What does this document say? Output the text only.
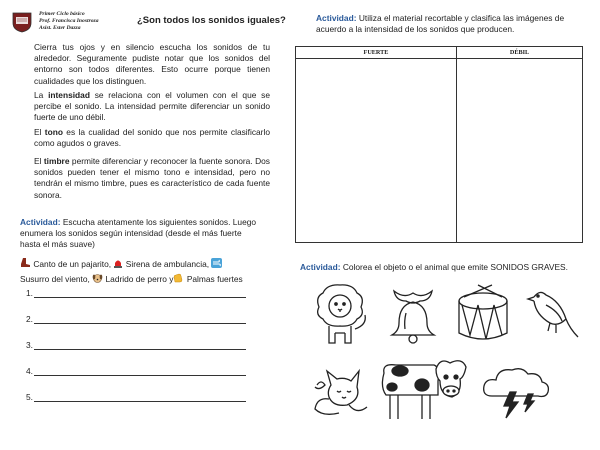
Primer Ciclo básico
Prof. Francisca Inostroza
Asist. Ester Dazza
¿Son todos los sonidos iguales?
Cierra tus ojos y en silencio escucha los sonidos de tu alrededor. Seguramente pudiste notar que los sonidos del entorno son todos diferentes. Esto ocurre porque tienen cualidades que los distinguen.
La intensidad se relaciona con el volumen con el que se percibe el sonido. La intensidad permite diferenciar un sonido fuerte de uno débil.
El tono es la cualidad del sonido que nos permite clasificarlo como agudos o graves.
El timbre permite diferenciar y reconocer la fuente sonora. Dos sonidos pueden tener el mismo tono e intensidad, pero no tendrán el mismo timbre, pues es característico de cada fuente sonora.
Actividad: Escucha atentamente los siguientes sonidos. Luego enumera los sonidos según intensidad (desde el más fuerte hasta el más suave)
Canto de un pajarito, Sirena de ambulancia,
Susurro del viento, Ladrido de perro y Palmas fuertes
1.
2.
3.
4.
5.
Actividad: Utiliza el material recortable y clasifica las imágenes de acuerdo a la intensidad de los sonidos que producen.
FUERTE	DÉBIL

Actividad: Colorea el objeto o el animal que emite SONIDOS GRAVES.
